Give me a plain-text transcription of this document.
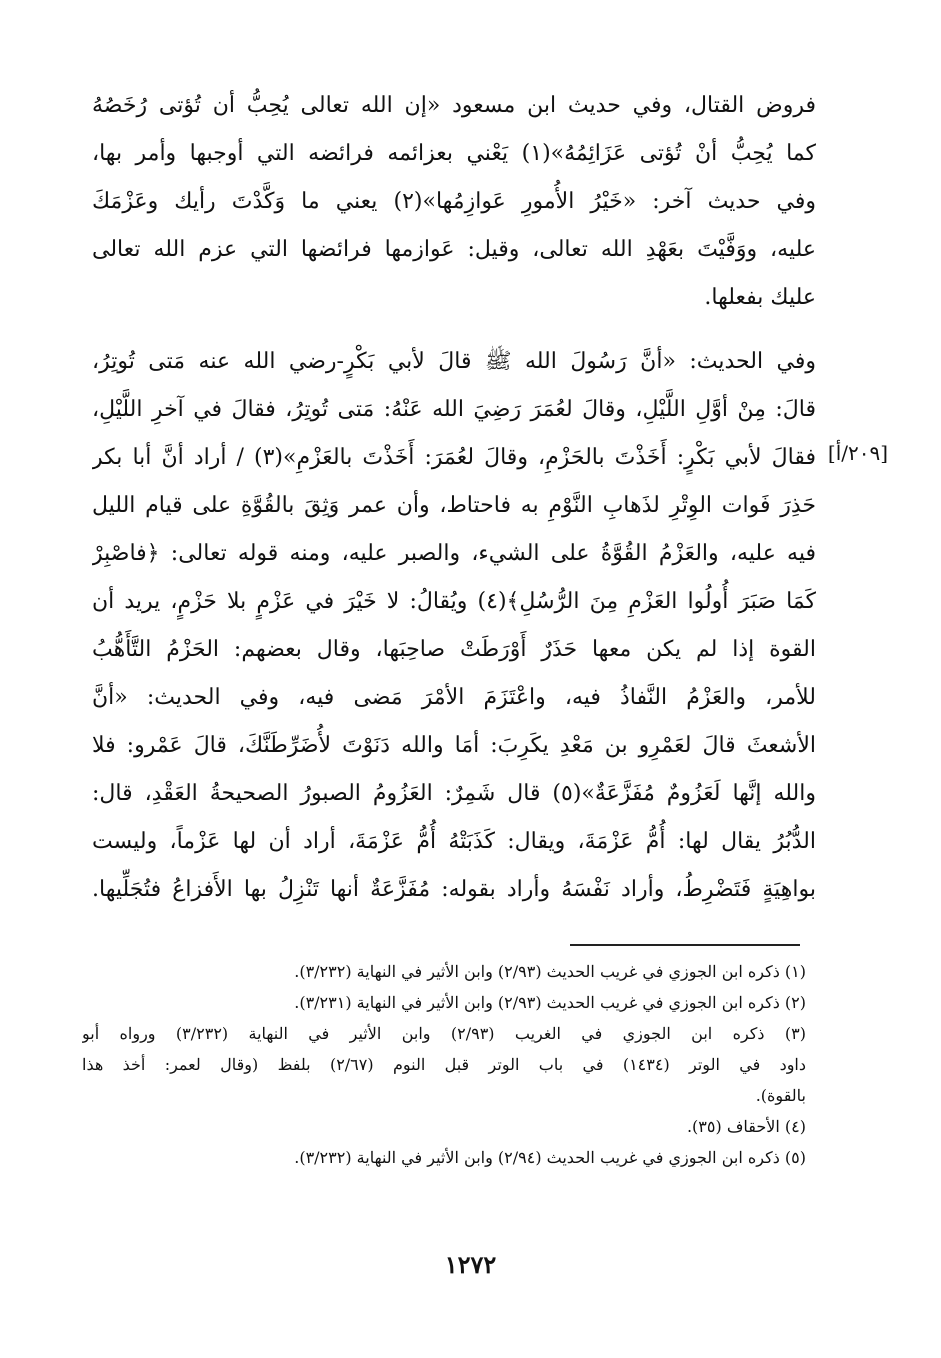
فروض القتال، وفي حديث ابن مسعود «إن الله تعالى يُحِبُّ أن تُؤتى رُخَصُهُ
كما يُحِبُّ أنْ تُؤتى عَزَائِمُهُ»(١) يَعْني بعزائمه فرائضه التي أوجبها وأمر بها،
وفي حديث آخر: «خَيْرُ الأُمورِ عَوازِمُها»(٢) يعني ما وَكَّدْتَ رأيك وعَزْمَكَ
عليه، ووَفَّيْتَ بعَهْدِ الله تعالى، وقيل: عَوازمها فرائضها التي عزم الله تعالى
عليك بفعلها.
وفي الحديث: «أنَّ رَسُولَ الله ﷺ قالَ لأبي بَكْرٍ-رضي الله عنه مَتى تُوتِرُ،
قالَ: مِنْ أوَّلِ اللَّيْلِ، وقالَ لعُمَرَ رَضِيَ الله عَنْهُ: مَتى تُوتِرُ، فقالَ في آخرِ اللَّيْلِ،
فقالَ لأبي بَكْرٍ: أَخَذْتَ بالحَزْمِ، وقالَ لعُمَرَ: أَخَذْتَ بالعَزْمِ»(٣) / أراد أنَّ أبا بكر
حَذِرَ فَوات الوِتْرِ لذَهابِ النَّوْمِ به فاحتاط، وأن عمر وَثِقَ بالقُوَّةِ على قيام الليل
فيه عليه، والعَزْمُ القُوَّةُ على الشيء، والصبر عليه، ومنه قوله تعالى: ﴿فاصْبِرْ
كَمَا صَبَرَ أُولُوا العَزْمِ مِنَ الرُّسُلِ﴾(٤) ويُقالُ: لا خَيْرَ في عَزْمٍ بلا حَزْمٍ، يريد أن
القوة إذا لم يكن معها حَذَرٌ أَوْرَطَتْ صاحِبَها، وقال بعضهم: الحَزْمُ التَّأَهُّبُ
للأمر، والعَزْمُ النَّفاذُ فيه، واعْتَزَمَ الأمْرَ مَضى فيه، وفي الحديث: «أنَّ
الأشعثَ قالَ لعَمْرِو بن مَعْدِ يكَرِبَ: أمَا والله دَنَوْتَ لأُضَرِّطَنَّكَ، قالَ عَمْرو: فلا
والله إنَّها لَعَزُومٌ مُفَزَّعَةٌ»(٥) قال شَمِرٌ: العَزُومُ الصبورُ الصحيحةُ العَقْدِ، قال:
الدُّبُرُ يقال لها: أُمُّ عَزْمَةَ، ويقال: كَذَبَتْهُ أُمُّ عَزْمَةَ، أراد أن لها عَزْماً، وليست
بواهِيَةٍ فَتَضْرِطُ، وأراد نَفْسَهُ وأراد بقوله: مُفَزَّعَةٌ أنها تَنْزِلُ بها الأَفزاعُ فتُجَلِّيها.
[٢٠٩/أ]
(١) ذكره ابن الجوزي في غريب الحديث (٢/٩٣) وابن الأثير في النهاية (٣/٢٣٢).
(٢) ذكره ابن الجوزي في غريب الحديث (٢/٩٣) وابن الأثير في النهاية (٣/٢٣١).
(٣) ذكره ابن الجوزي في الغريب (٢/٩٣) وابن الأثير في النهاية (٣/٢٣٢) ورواه أبو
داود في الوتر (١٤٣٤) في باب الوتر قبل النوم (٢/٦٧) بلفظ (وقال لعمر: أخذ هذا
بالقوة).
(٤) الأحقاف (٣٥).
(٥) ذكره ابن الجوزي في غريب الحديث (٢/٩٤) وابن الأثير في النهاية (٣/٢٣٢).
١٢٧٢
